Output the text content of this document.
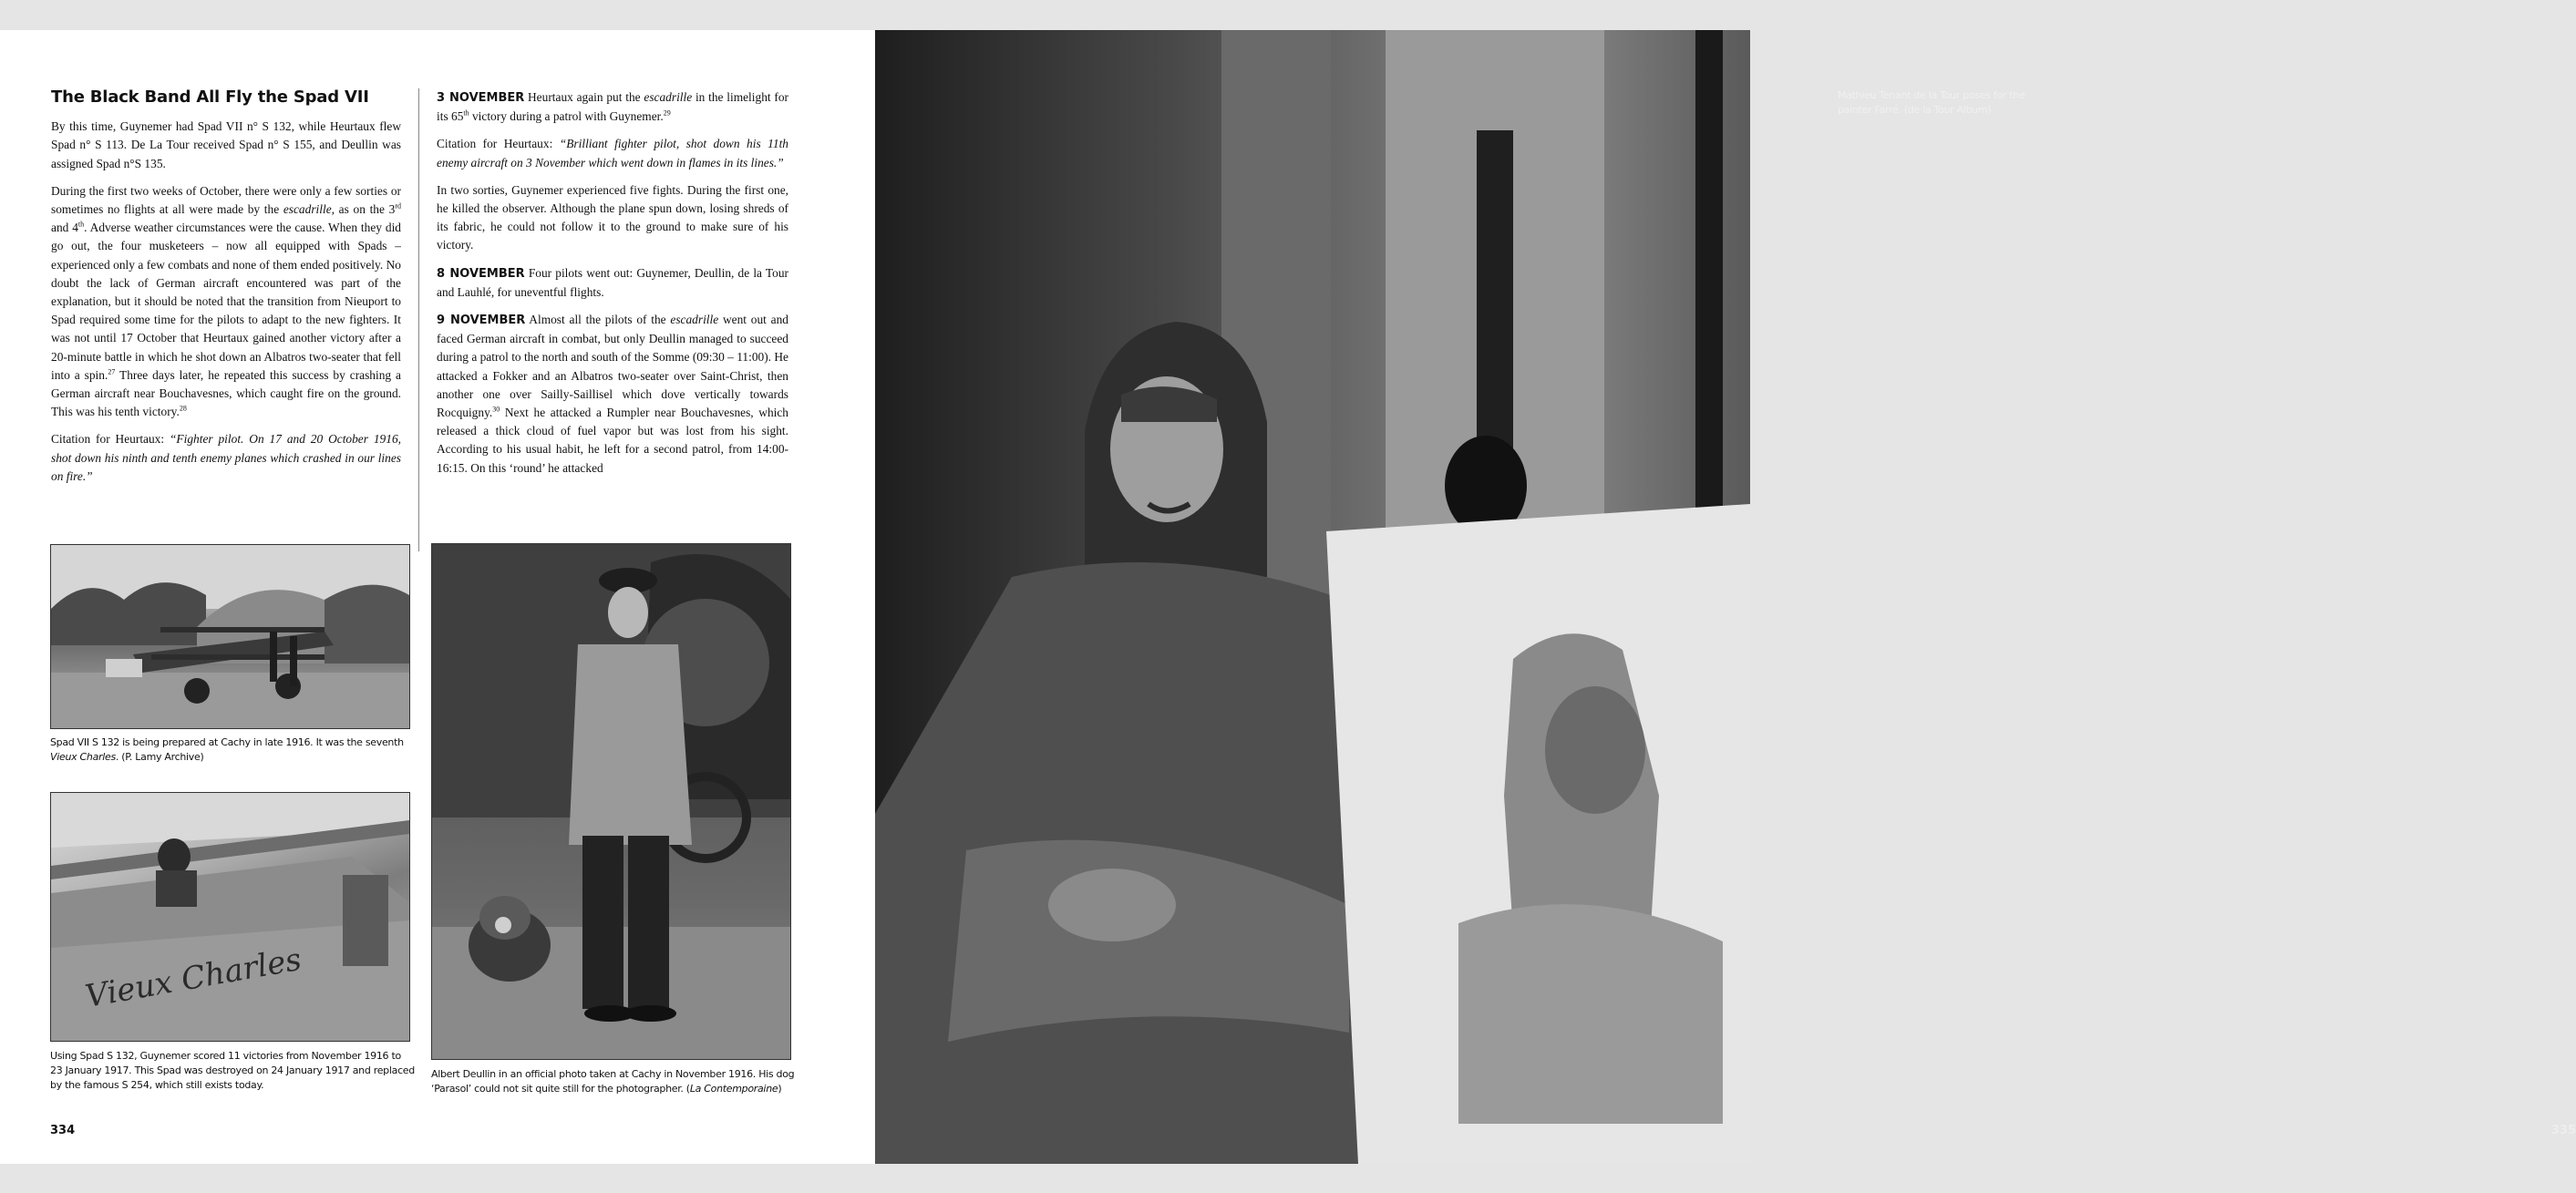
The Black Band All Fly the Spad VII

By this time, Guynemer had Spad VII n° S 132, while Heurtaux flew Spad n° S 113. De La Tour received Spad n° S 155, and Deullin was assigned Spad n°S 135.

During the first two weeks of October, there were only a few sorties or sometimes no flights at all were made by the escadrille, as on the 3rd and 4th. Adverse weather circumstances were the cause. When they did go out, the four musketeers – now all equipped with Spads – experienced only a few combats and none of them ended positively. No doubt the lack of German aircraft encountered was part of the explanation, but it should be noted that the transition from Nieuport to Spad required some time for the pilots to adapt to the new fighters. It was not until 17 October that Heurtaux gained another victory after a 20-minute battle in which he shot down an Albatros two-seater that fell into a spin.$^{27}$ Three days later, he repeated this success by crashing a German aircraft near Bouchavesnes, which caught fire on the ground. This was his tenth victory.$^{28}$

Citation for Heurtaux: “Fighter pilot. On 17 and 20 October 1916, shot down his ninth and tenth enemy planes which crashed in our lines on fire.”

3 NOVEMBER Heurtaux again put the escadrille in the limelight for its 65th victory during a patrol with Guynemer.$^{29}$

Citation for Heurtaux: “Brilliant fighter pilot, shot down his 11th enemy aircraft on 3 November which went down in flames in its lines.”

In two sorties, Guynemer experienced five fights. During the first one, he killed the observer. Although the plane spun down, losing shreds of its fabric, he could not follow it to the ground to make sure of his victory.

8 NOVEMBER Four pilots went out: Guynemer, Deullin, de la Tour and Lauhlé, for uneventful flights.

9 NOVEMBER Almost all the pilots of the escadrille went out and faced German aircraft in combat, but only Deullin managed to succeed during a patrol to the north and south of the Somme (09:30 – 11:00). He attacked a Fokker and an Albatros two-seater over Saint-Christ, then another one over Sailly-Saillisel which dove vertically towards Rocquigny.$^{30}$ Next he attacked a Rumpler near Bouchavesnes, which released a thick cloud of fuel vapor but was lost from his sight. According to his usual habit, he left for a second patrol, from 14:00- 16:15. On this ‘round’ he attacked

Spad VII S 132 is being prepared at Cachy in late 1916. It was the seventh Vieux Charles. (P. Lamy Archive)
Vieux Charles
Using Spad S 132, Guynemer scored 11 victories from November 1916 to 23 January 1917. This Spad was destroyed on 24 January 1917 and replaced by the famous S 254, which still exists today.
Albert Deullin in an official photo taken at Cachy in November 1916. His dog ‘Parasol’ could not sit quite still for the photographer. (La Contemporaine)
334
Mathieu Tenant de la Tour poses for the painter Farré. (de la Tour Album)
335
